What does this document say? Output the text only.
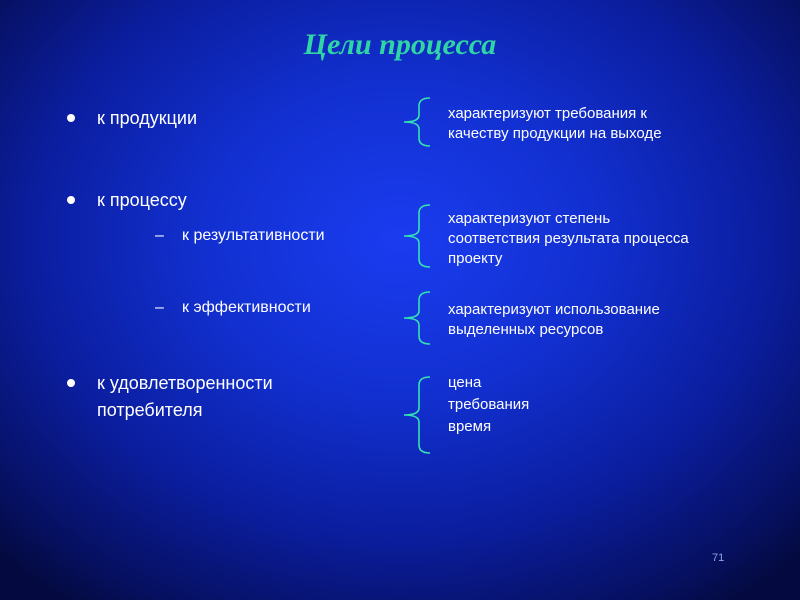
Цели процесса
к продукции
к процессу
– к результативности
– к эффективности
к удовлетворенности
потребителя
характеризуют требования к
качеству продукции на выходе
характеризуют степень
соответствия результата процесса
проекту
характеризуют использование
выделенных ресурсов
цена
требования
время
71
